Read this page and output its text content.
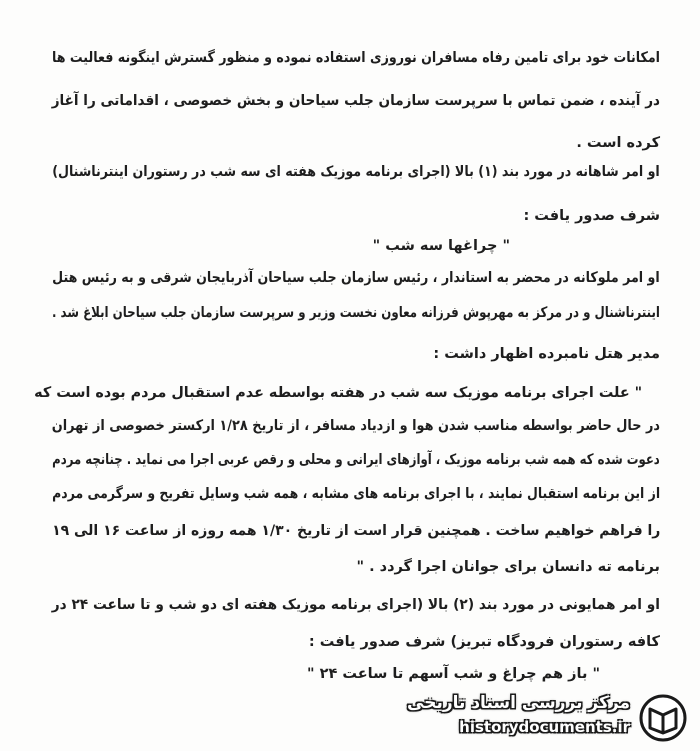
امکانات خود برای تامین رفاه مسافران نوروزی استفاده نموده و منظور گسترش اینگونه فعالیت ها
در آینده ، ضمن تماس با سرپرست سازمان جلب سیاحان و بخش خصوصی ، اقداماتی را آغاز
کرده است .
او امر شاهانه در مورد بند (۱) بالا (اجرای برنامه موزیک هفته ای سه شب در رستوران اینترناشنال)
شرف صدور یافت :
" چراغها سه شب "
او امر ملوکانه در محضر به استاندار ، رئیس سازمان جلب سیاحان آذربایجان شرقی و به رئیس هتل
اینترناشنال و در مرکز به مهرپوش فرزانه معاون نخست وزیر و سرپرست سازمان جلب سیاحان ابلاغ شد .
مدیر هتل نامبرده اظهار داشت :
" علت اجرای برنامه موزیک سه شب در هفته بواسطه عدم استقبال مردم بوده است که
در حال حاضر بواسطه مناسب شدن هوا و ازدیاد مسافر ، از تاریخ ۱/۲۸ ارکستر خصوصی از تهران
دعوت شده که همه شب برنامه موزیک ، آوازهای ایرانی و محلی و رقص عربی اجرا می نماید . چنانچه مردم
از این برنامه استقبال نمایند ، با اجرای برنامه های مشابه ، همه شب وسایل تفریح و سرگرمی مردم
را فراهم خواهیم ساخت . همچنین قرار است از تاریخ ۱/۳۰ همه روزه از ساعت ۱۶ الی ۱۹
برنامه ته دانسان برای جوانان اجرا گردد . "
او امر همایونی در مورد بند (۲) بالا (اجرای برنامه موزیک هفته ای دو شب و تا ساعت ۲۴ در
کافه رستوران فرودگاه تبریز) شرف صدور یافت :
" باز هم چراغ و شب آسهم تا ساعت ۲۴ "
مرکز بررسی اسناد تاریخی
historydocuments.ir
